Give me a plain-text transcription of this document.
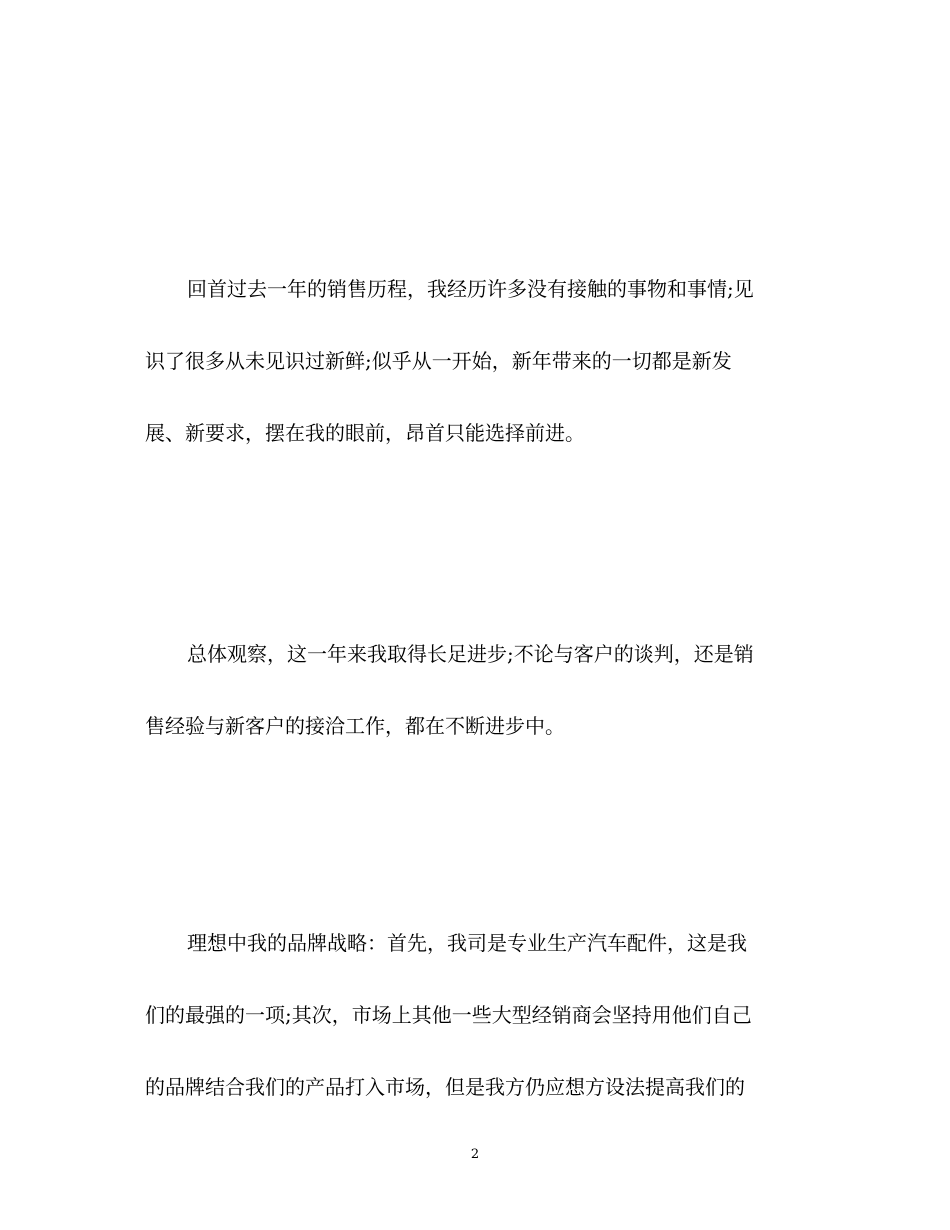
回首过去一年的销售历程，我经历许多没有接触的事物和事情;见
识了很多从未见识过新鲜;似乎从一开始，新年带来的一切都是新发
展、新要求，摆在我的眼前，昂首只能选择前进。

总体观察，这一年来我取得长足进步;不论与客户的谈判，还是销
售经验与新客户的接洽工作，都在不断进步中。

理想中我的品牌战略：首先，我司是专业生产汽车配件，这是我
们的最强的一项;其次，市场上其他一些大型经销商会坚持用他们自己
的品牌结合我们的产品打入市场，但是我方仍应想方设法提高我们的

2
